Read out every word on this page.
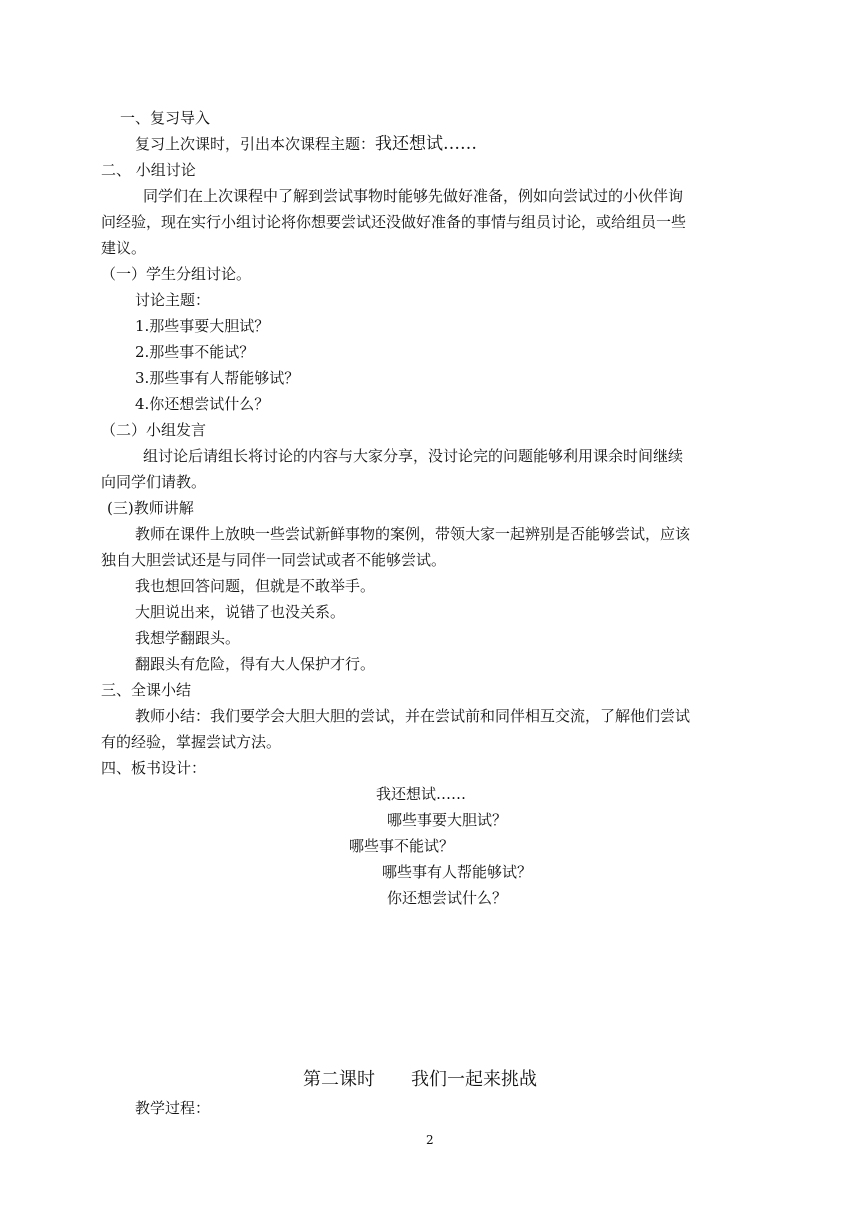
一、复习导入
复习上次课时，引出本次课程主题：我还想试……
二、 小组讨论
同学们在上次课程中了解到尝试事物时能够先做好准备，例如向尝试过的小伙伴询
问经验，现在实行小组讨论将你想要尝试还没做好准备的事情与组员讨论，或给组员一些
建议。
（一）学生分组讨论。
讨论主题：
1.那些事要大胆试？
2.那些事不能试？
3.那些事有人帮能够试？
4.你还想尝试什么？
（二）小组发言
组讨论后请组长将讨论的内容与大家分享，没讨论完的问题能够利用课余时间继续
向同学们请教。
(三)教师讲解
教师在课件上放映一些尝试新鲜事物的案例，带领大家一起辨别是否能够尝试，应该
独自大胆尝试还是与同伴一同尝试或者不能够尝试。
我也想回答问题，但就是不敢举手。
大胆说出来，说错了也没关系。
我想学翻跟头。
翻跟头有危险，得有大人保护才行。
三、全课小结
教师小结：我们要学会大胆大胆的尝试，并在尝试前和同伴相互交流，了解他们尝试
有的经验，掌握尝试方法。
四、板书设计：
我还想试……
哪些事要大胆试？
哪些事不能试？
哪些事有人帮能够试？
你还想尝试什么？
第二课时　　我们一起来挑战
教学过程：
2
